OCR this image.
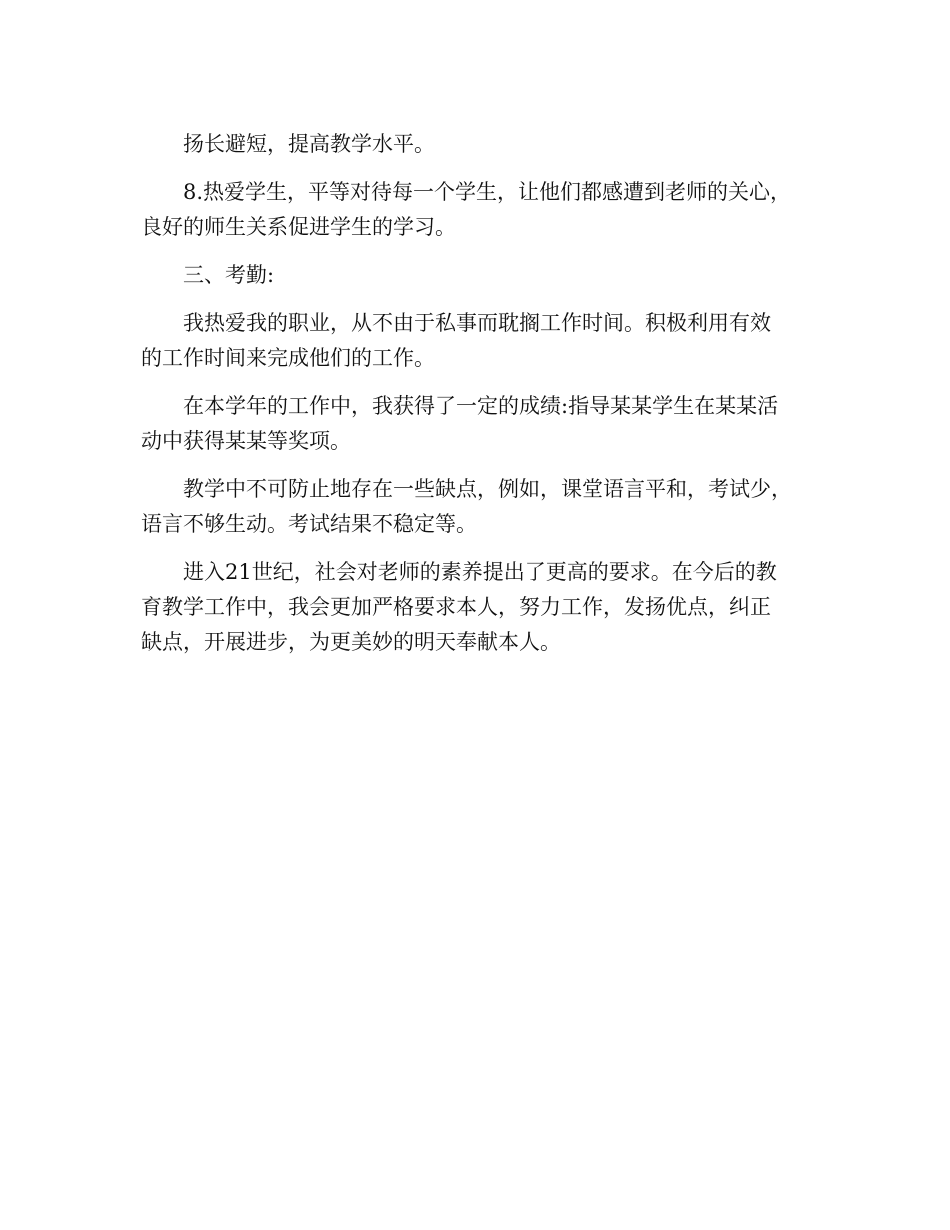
扬长避短，提高教学水平。
8.热爱学生，平等对待每一个学生，让他们都感遭到老师的关心，
良好的师生关系促进学生的学习。
三、考勤:
我热爱我的职业，从不由于私事而耽搁工作时间。积极利用有效
的工作时间来完成他们的工作。
在本学年的工作中，我获得了一定的成绩:指导某某学生在某某活
动中获得某某等奖项。
教学中不可防止地存在一些缺点，例如，课堂语言平和，考试少，
语言不够生动。考试结果不稳定等。
进入21世纪，社会对老师的素养提出了更高的要求。在今后的教
育教学工作中，我会更加严格要求本人，努力工作，发扬优点，纠正
缺点，开展进步，为更美妙的明天奉献本人。
